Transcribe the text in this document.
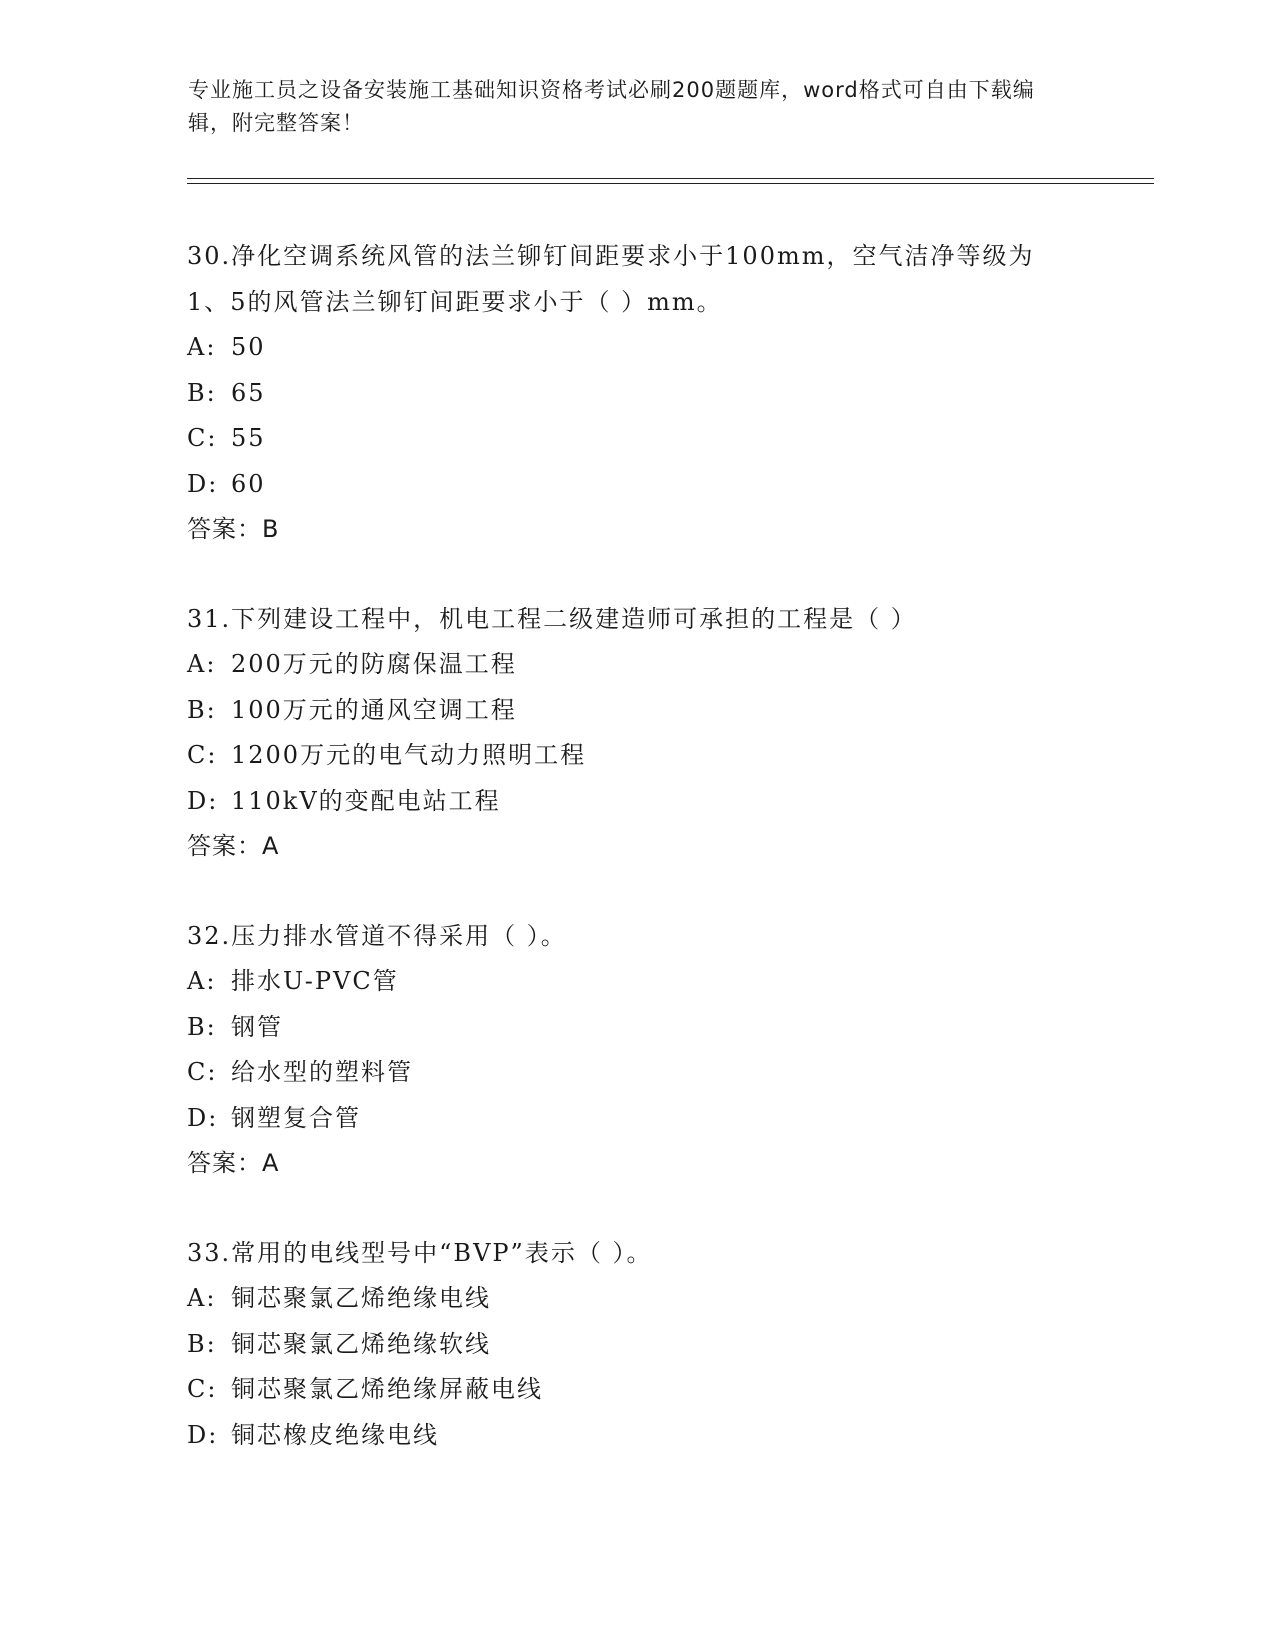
专业施工员之设备安装施工基础知识资格考试必刷200题题库，word格式可自由下载编辑，附完整答案！
30.净化空调系统风管的法兰铆钉间距要求小于100mm，空气洁净等级为1、5的风管法兰铆钉间距要求小于（ ）mm。
A: 50
B: 65
C: 55
D: 60
答案：B
31.下列建设工程中，机电工程二级建造师可承担的工程是（ ）
A: 200万元的防腐保温工程
B: 100万元的通风空调工程
C: 1200万元的电气动力照明工程
D: 110kV的变配电站工程
答案：A
32.压力排水管道不得采用（ ）。
A: 排水U-PVC管
B: 钢管
C: 给水型的塑料管
D: 钢塑复合管
答案：A
33.常用的电线型号中“BVP”表示（ ）。
A: 铜芯聚氯乙烯绝缘电线
B: 铜芯聚氯乙烯绝缘软线
C: 铜芯聚氯乙烯绝缘屏蔽电线
D: 铜芯橡皮绝缘电线
